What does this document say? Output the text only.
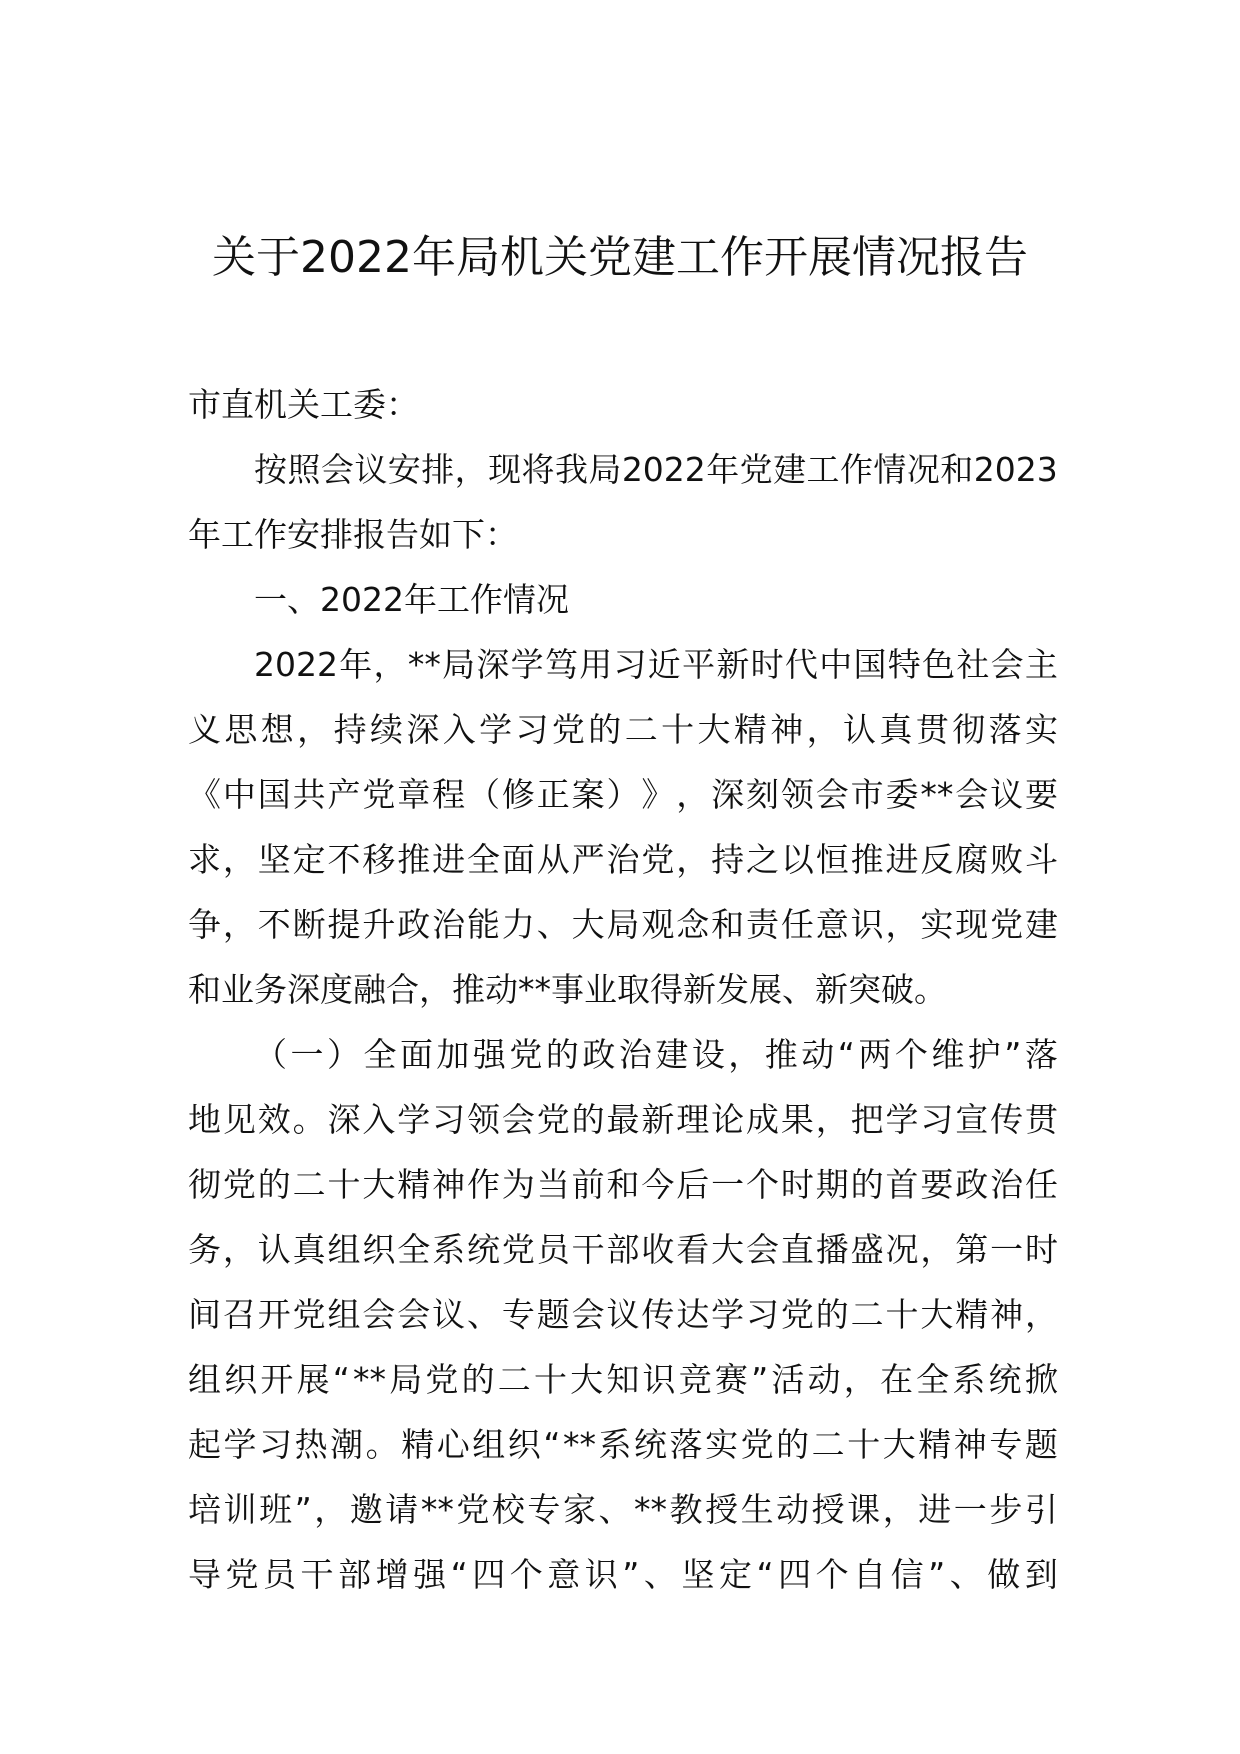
关于2022年局机关党建工作开展情况报告
市直机关工委：
按 照 会 议 安 排 ， 现 将 我 局 2022 年 党 建 工 作 情 况 和 2023
年工作安排报告如下：
一、2022年工作情况
2022 年 ， ** 局 深 学 笃 用 习 近 平 新 时 代 中 国 特 色 社 会 主
义 思 想 ， 持 续 深 入 学 习 党 的 二 十 大 精 神 ， 认 真 贯 彻 落 实
《 中 国 共 产 党 章 程 （ 修 正 案 ） 》 ， 深 刻 领 会 市 委 ** 会 议 要
求 ， 坚 定 不 移 推 进 全 面 从 严 治 党 ， 持 之 以 恒 推 进 反 腐 败 斗
争 ， 不 断 提 升 政 治 能 力 、 大 局 观 念 和 责 任 意 识 ， 实 现 党 建
和业务深度融合，推动**事业取得新发展、新突破。
（ 一 ） 全 面 加 强 党 的 政 治 建 设 ， 推 动 “ 两 个 维 护 ” 落
地 见 效 。 深 入 学 习 领 会 党 的 最 新 理 论 成 果 ， 把 学 习 宣 传 贯
彻 党 的 二 十 大 精 神 作 为 当 前 和 今 后 一 个 时 期 的 首 要 政 治 任
务 ， 认 真 组 织 全 系 统 党 员 干 部 收 看 大 会 直 播 盛 况 ， 第 一 时
间 召 开 党 组 会 会 议 、 专 题 会 议 传 达 学 习 党 的 二 十 大 精 神 ，
组 织 开 展 “ ** 局 党 的 二 十 大 知 识 竞 赛 ” 活 动 ， 在 全 系 统 掀
起 学 习 热 潮 。 精 心 组 织 “ ** 系 统 落 实 党 的 二 十 大 精 神 专 题
培 训 班 ” ， 邀 请 ** 党 校 专 家 、 ** 教 授 生 动 授 课 ， 进 一 步 引
导 党 员 干 部 增 强 “ 四 个 意 识 ” 、 坚 定 “ 四 个 自 信 ” 、 做 到
